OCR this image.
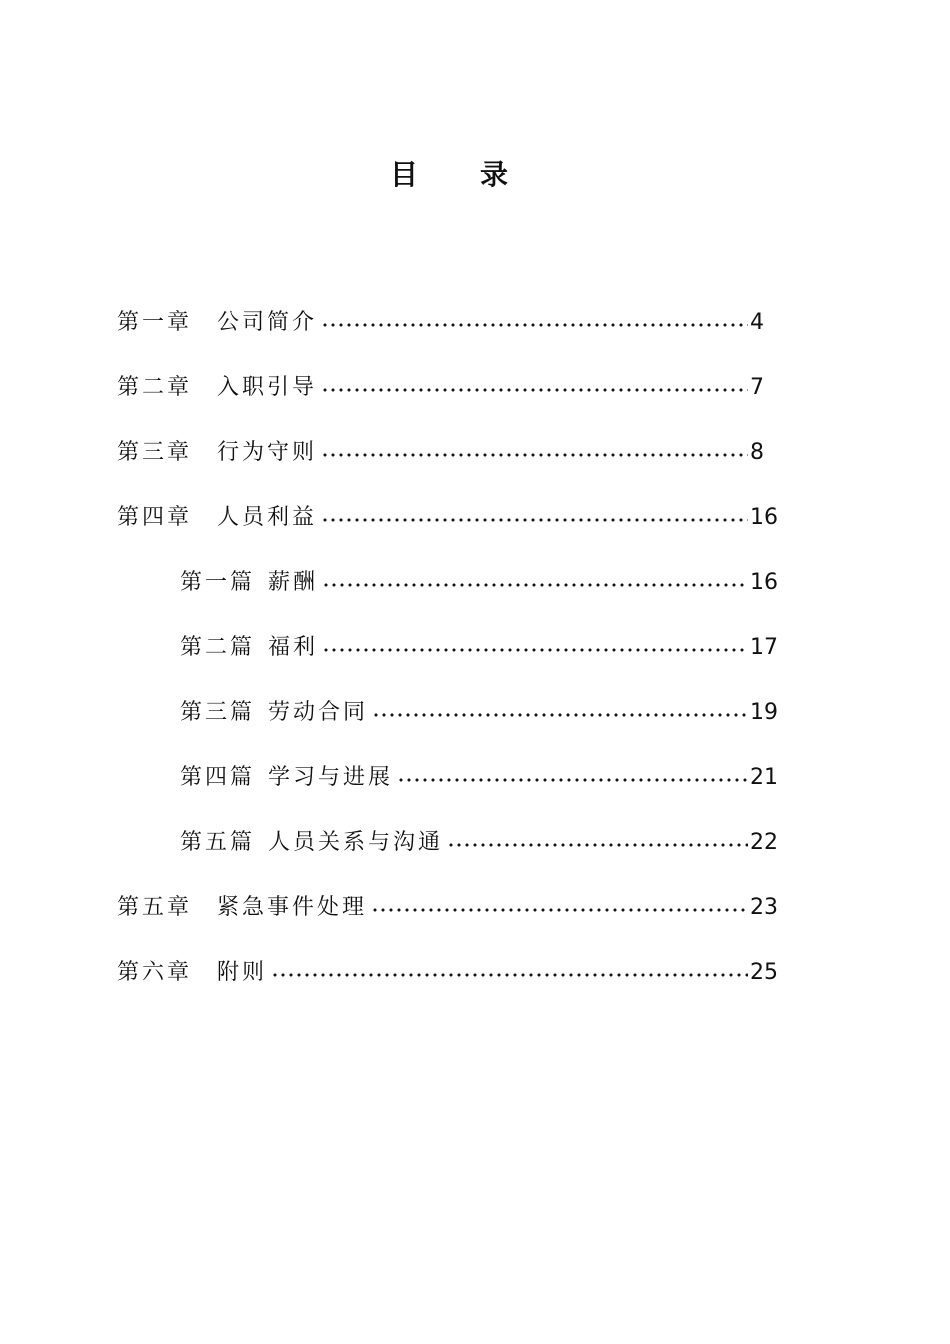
目　　录
第一章	公司简介	4
第二章	入职引导	7
第三章	行为守则	8
第四章	人员利益	16
第一篇 薪酬	16
第二篇 福利	17
第三篇 劳动合同	19
第四篇 学习与进展	21
第五篇 人员关系与沟通	22
第五章	紧急事件处理	23
第六章	附则	25
